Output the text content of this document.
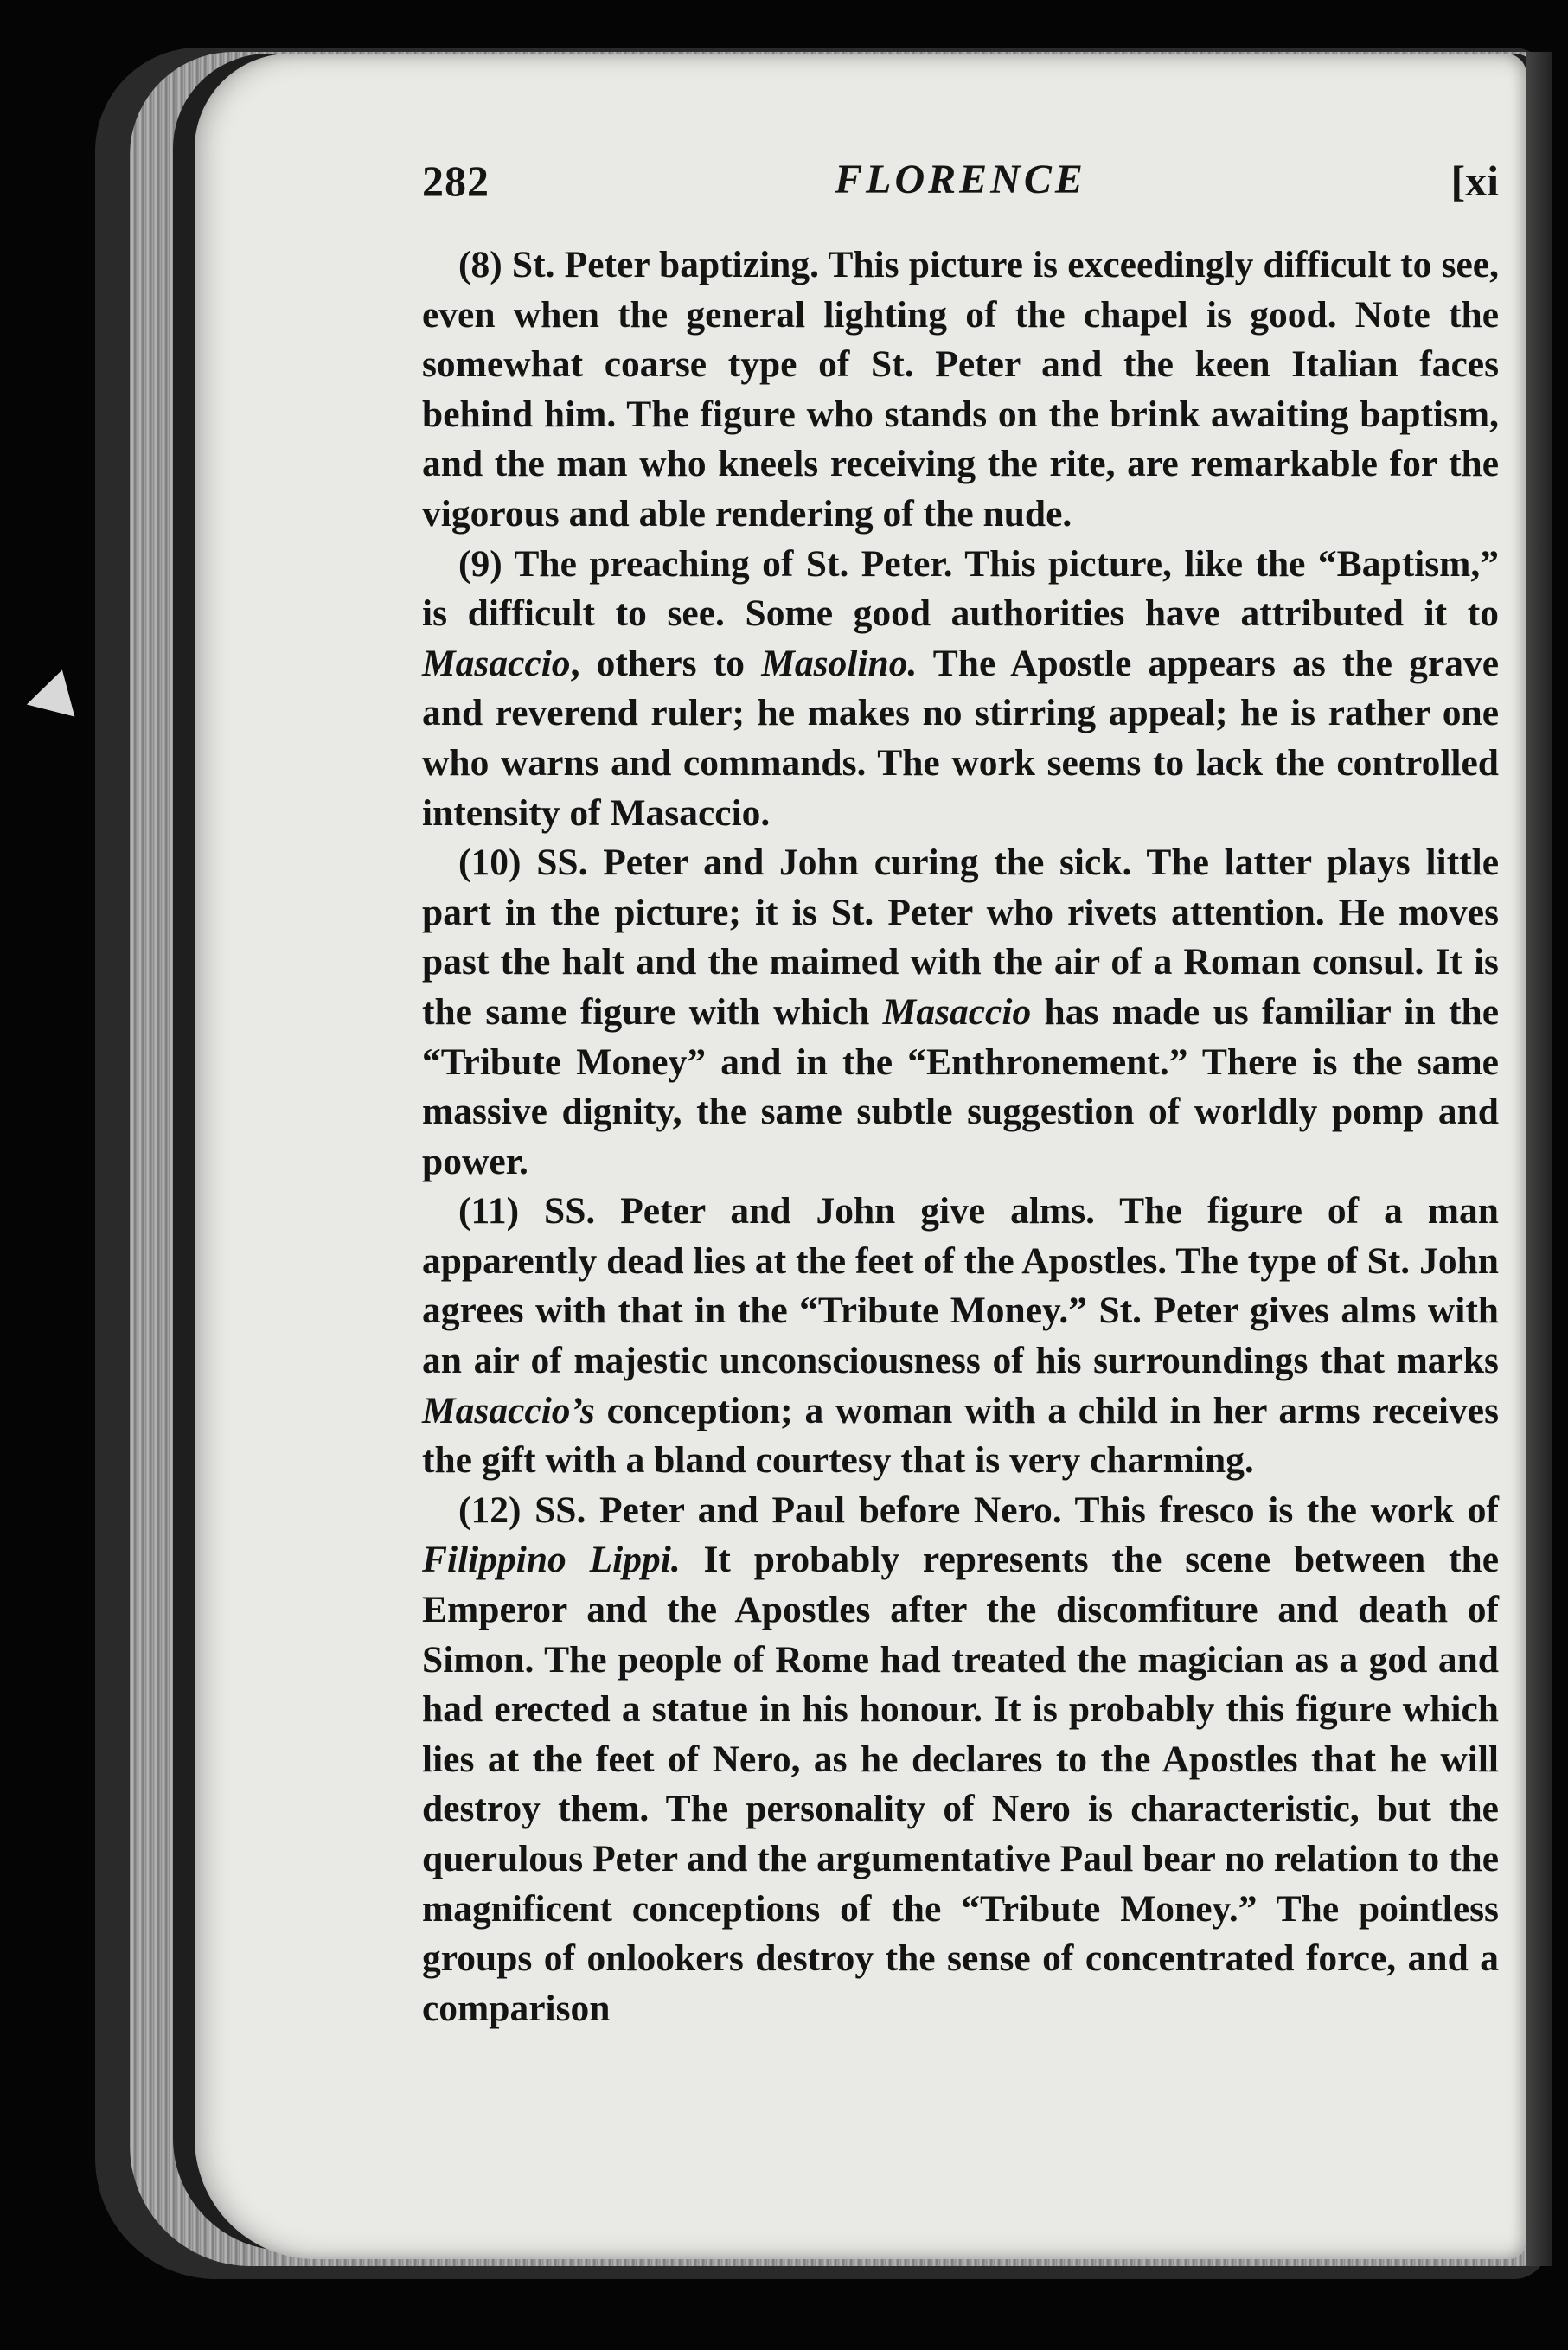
282	FLORENCE	[xi

(8) St. Peter baptizing. This picture is exceedingly difficult to see, even when the general lighting of the chapel is good. Note the somewhat coarse type of St. Peter and the keen Italian faces behind him. The figure who stands on the brink awaiting baptism, and the man who kneels receiving the rite, are remarkable for the vigorous and able rendering of the nude.

(9) The preaching of St. Peter. This picture, like the “Baptism,” is difficult to see. Some good authorities have attributed it to Masaccio, others to Masolino. The Apostle appears as the grave and reverend ruler; he makes no stirring appeal; he is rather one who warns and commands. The work seems to lack the controlled intensity of Masaccio.

(10) SS. Peter and John curing the sick. The latter plays little part in the picture; it is St. Peter who rivets attention. He moves past the halt and the maimed with the air of a Roman consul. It is the same figure with which Masaccio has made us familiar in the “Tribute Money” and in the “Enthronement.” There is the same massive dignity, the same subtle suggestion of worldly pomp and power.

(11) SS. Peter and John give alms. The figure of a man apparently dead lies at the feet of the Apostles. The type of St. John agrees with that in the “Tribute Money.” St. Peter gives alms with an air of majestic unconsciousness of his surroundings that marks Masaccio’s conception; a woman with a child in her arms receives the gift with a bland courtesy that is very charming.

(12) SS. Peter and Paul before Nero. This fresco is the work of Filippino Lippi. It probably represents the scene between the Emperor and the Apostles after the discomfiture and death of Simon. The people of Rome had treated the magician as a god and had erected a statue in his honour. It is probably this figure which lies at the feet of Nero, as he declares to the Apostles that he will destroy them. The personality of Nero is characteristic, but the querulous Peter and the argumentative Paul bear no relation to the magnificent conceptions of the “Tribute Money.” The pointless groups of onlookers destroy the sense of concentrated force, and a comparison
